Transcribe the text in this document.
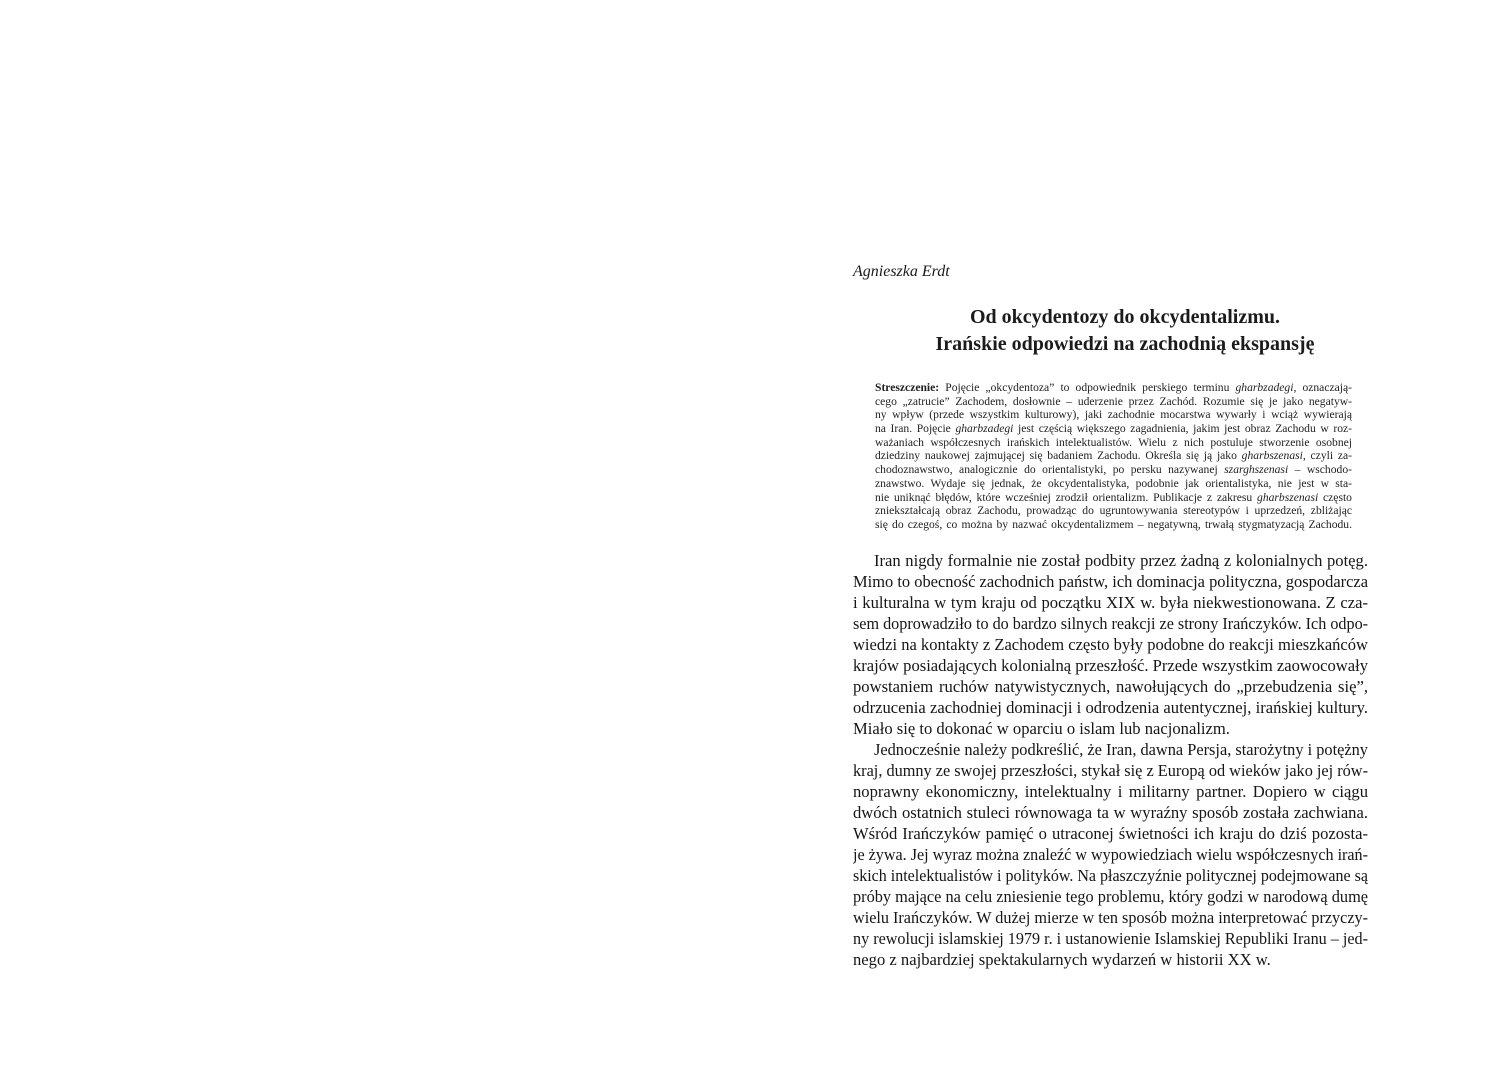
Agnieszka Erdt
Od okcydentozy do okcydentalizmu.
Irańskie odpowiedzi na zachodnią ekspansję
Streszczenie: Pojęcie „okcydentoza” to odpowiednik perskiego terminu gharbzadegi, oznaczają-
cego „zatrucie” Zachodem, dosłownie – uderzenie przez Zachód. Rozumie się je jako negatyw-
ny wpływ (przede wszystkim kulturowy), jaki zachodnie mocarstwa wywarły i wciąż wywierają
na Iran. Pojęcie gharbzadegi jest częścią większego zagadnienia, jakim jest obraz Zachodu w roz-
ważaniach współczesnych irańskich intelektualistów. Wielu z nich postuluje stworzenie osobnej
dziedziny naukowej zajmującej się badaniem Zachodu. Określa się ją jako gharbszenasi, czyli za-
chodoznawstwo, analogicznie do orientalistyki, po persku nazywanej szarghszenasi – wschodo-
znawstwo. Wydaje się jednak, że okcydentalistyka, podobnie jak orientalistyka, nie jest w sta-
nie uniknąć błędów, które wcześniej zrodził orientalizm. Publikacje z zakresu gharbszenasi często
zniekształcają obraz Zachodu, prowadząc do ugruntowywania stereotypów i uprzedzeń, zbliżając
się do czegoś, co można by nazwać okcydentalizmem – negatywną, trwałą stygmatyzacją Zachodu.
Iran nigdy formalnie nie został podbity przez żadną z kolonialnych potęg.
Mimo to obecność zachodnich państw, ich dominacja polityczna, gospodarcza
i kulturalna w tym kraju od początku XIX w. była niekwestionowana. Z cza-
sem doprowadziło to do bardzo silnych reakcji ze strony Irańczyków. Ich odpo-
wiedzi na kontakty z Zachodem często były podobne do reakcji mieszkańców
krajów posiadających kolonialną przeszłość. Przede wszystkim zaowocowały
powstaniem ruchów natywistycznych, nawołujących do „przebudzenia się”,
odrzucenia zachodniej dominacji i odrodzenia autentycznej, irańskiej kultury.
Miało się to dokonać w oparciu o islam lub nacjonalizm.
Jednocześnie należy podkreślić, że Iran, dawna Persja, starożytny i potężny
kraj, dumny ze swojej przeszłości, stykał się z Europą od wieków jako jej rów-
noprawny ekonomiczny, intelektualny i militarny partner. Dopiero w ciągu
dwóch ostatnich stuleci równowaga ta w wyraźny sposób została zachwiana.
Wśród Irańczyków pamięć o utraconej świetności ich kraju do dziś pozosta-
je żywa. Jej wyraz można znaleźć w wypowiedziach wielu współczesnych irań-
skich intelektualistów i polityków. Na płaszczyźnie politycznej podejmowane są
próby mające na celu zniesienie tego problemu, który godzi w narodową dumę
wielu Irańczyków. W dużej mierze w ten sposób można interpretować przyczy-
ny rewolucji islamskiej 1979 r. i ustanowienie Islamskiej Republiki Iranu – jed-
nego z najbardziej spektakularnych wydarzeń w historii XX w.
